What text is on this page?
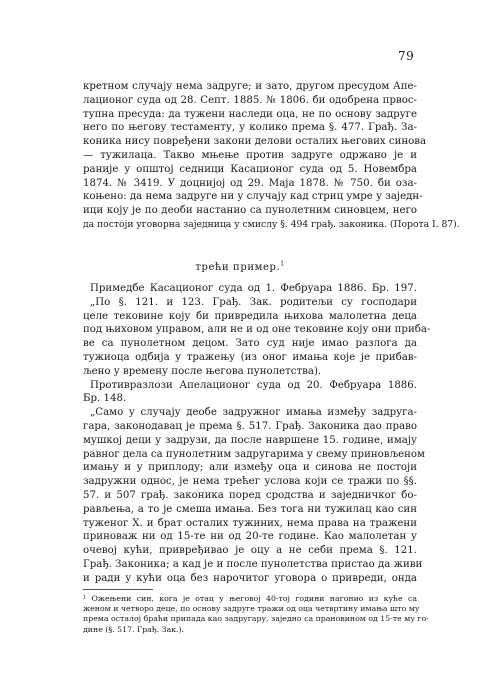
79
кретном случају нема задруге; и зато, другом пресудом Апе-
лационог суда од 28. Септ. 1885. № 1806. би одобрена првос-
тупна пресуда: да тужени наследи оца, не по основу задруге
него по његову тестаменту, у колико према §. 477. Грађ. За-
коника нису повређени закони делови осталих његових синова
— тужилаца. Такво мњење против задруге одржано је и
раније у општој седници Касационог суда од 5. Новембра
1874. № 3419. У доцнијој од 29. Маја 1878. № 750. би оза-
коњено: да нема задруге ни у случају кад стриц умре у заједн-
ици коју је по деоби настанио са пунолетним синовцем, него
да постоји уговорна заједница у смислу §. 494 грађ. законика. (Порота I. 87).
трећи пример.$^1$
Примедбе Касационог суда од 1. Фебруара 1886. Бр. 197.
„По §. 121. и 123. Грађ. Зак. родитељи су господари
целе тековине коју би привредила њихова малолетна деца
под њиховом управом, али не и од оне тековине коју они приба-
ве са пунолетном децом. Зато суд није имао разлога да
тужиоца одбија у тражењу (из оног имања које је прибав-
љено у времену после његова пунолетства).
Противразлози Апелационог суда од 20. Фебруара 1886.
Бр. 148.
„Само у случају деобе задружног имања између задруга-
гара, законодавац је према §. 517. Грађ. Законика дао право
мушкој деци у задрузи, да после навршене 15. године, имају
равног дела са пунолетним задругарима у свему приновљеном
имању и у приплоду; али између оца и синова не постоји
задружни однос, је нема трећег услова који се тражи по §§.
57. и 507 грађ. законика поред сродства и заједничког бо-
рављења, а то је смеша имања. Без тога ни тужилац као син
туженог X. и брат осталих тужиних, нема права на тражени
приноваж ни од 15-те ни од 20-те године. Као малолетан у
очевој кући, привређивао је оцу а не себи према §. 121.
Грађ. Законика; а кад је и после пунолетства пристао да живи
и ради у кући оца без нарочитог уговора о привреди, онда
¹ Ожењени син, кога је отац у његовој 40-тој години нагонио из куће са
женом и четворо деце, по основу задруге тражи од оца четвртину имања што му
према осталој браћи припада као задругару, заједно са прановином од 15-те му го-
дине (§. 517. Грађ. Зак.).
